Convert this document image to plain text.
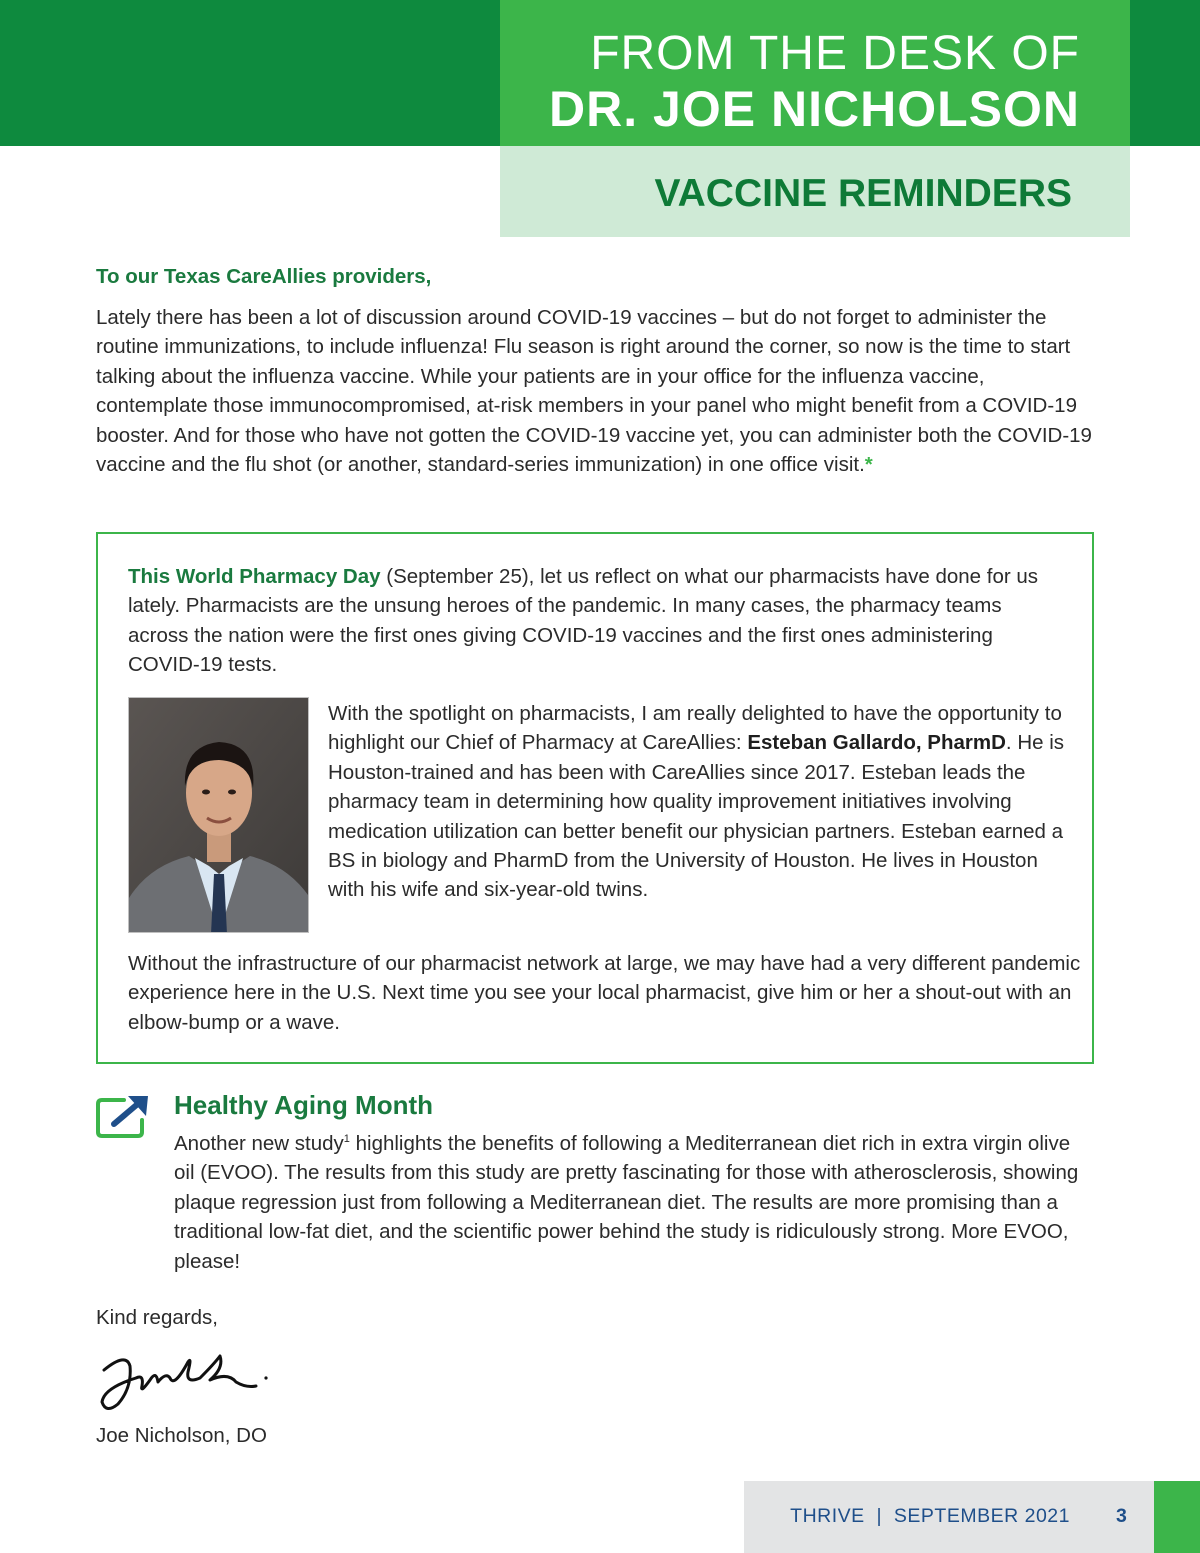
FROM THE DESK OF
DR. JOE NICHOLSON
VACCINE REMINDERS
To our Texas CareAllies providers,

Lately there has been a lot of discussion around COVID-19 vaccines – but do not forget to administer the routine immunizations, to include influenza! Flu season is right around the corner, so now is the time to start talking about the influenza vaccine. While your patients are in your office for the influenza vaccine, contemplate those immunocompromised, at-risk members in your panel who might benefit from a COVID-19 booster. And for those who have not gotten the COVID-19 vaccine yet, you can administer both the COVID-19 vaccine and the flu shot (or another, standard-series immunization) in one office visit.*

This World Pharmacy Day (September 25), let us reflect on what our pharmacists have done for us lately. Pharmacists are the unsung heroes of the pandemic. In many cases, the pharmacy teams across the nation were the first ones giving COVID-19 vaccines and the first ones administering COVID-19 tests.

With the spotlight on pharmacists, I am really delighted to have the opportunity to highlight our Chief of Pharmacy at CareAllies: Esteban Gallardo, PharmD. He is Houston-trained and has been with CareAllies since 2017. Esteban leads the pharmacy team in determining how quality improvement initiatives involving medication utilization can better benefit our physician partners. Esteban earned a BS in biology and PharmD from the University of Houston. He lives in Houston with his wife and six-year-old twins.

Without the infrastructure of our pharmacist network at large, we may have had a very different pandemic experience here in the U.S. Next time you see your local pharmacist, give him or her a shout-out with an elbow-bump or a wave.

Healthy Aging Month

Another new study$^1$ highlights the benefits of following a Mediterranean diet rich in extra virgin olive oil (EVOO). The results from this study are pretty fascinating for those with atherosclerosis, showing plaque regression just from following a Mediterranean diet. The results are more promising than a traditional low-fat diet, and the scientific power behind the study is ridiculously strong. More EVOO, please!

Kind regards,
Joe Nicholson, DO
THRIVE  |  SEPTEMBER 2021 3
